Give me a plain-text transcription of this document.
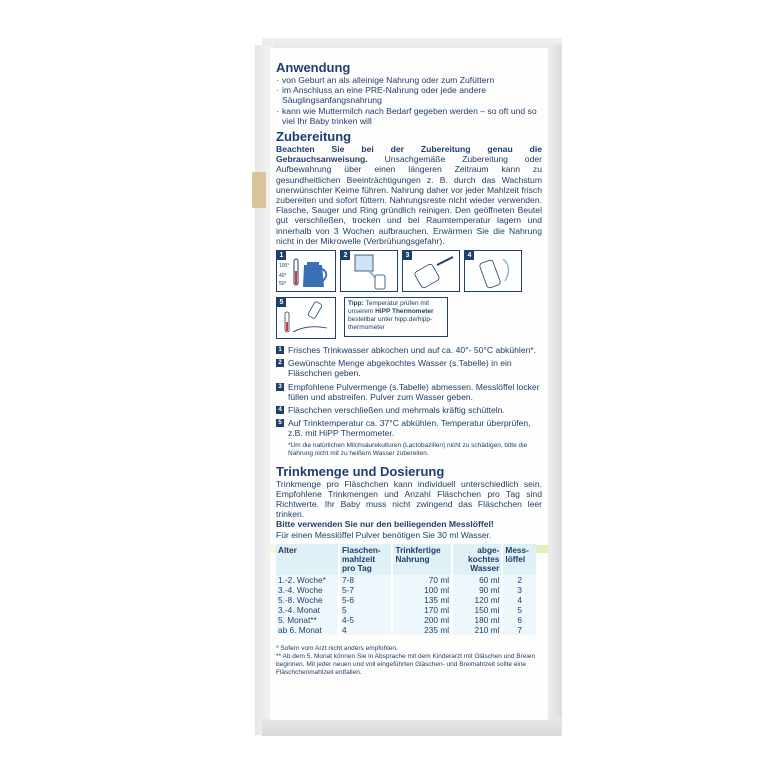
Anwendung

· von Geburt an als alleinige Nahrung oder zum Zufüttern

· im Anschluss an eine PRE-Nahrung oder jede andere Säuglingsanfangsnahrung

· kann wie Muttermilch nach Bedarf gegeben werden – so oft und so viel Ihr Baby trinken will

Zubereitung

Beachten Sie bei der Zubereitung genau die Gebrauchsanweisung. Unsachgemäße Zubereitung oder Aufbewahrung über einen längeren Zeitraum kann zu gesundheitlichen Beeinträchtigungen z. B. durch das Wachstum unerwünschter Keime führen. Nahrung daher vor jeder Mahlzeit frisch zubereiten und sofort füttern. Nahrungsreste nicht wieder verwenden. Flasche, Sauger und Ring gründlich reinigen. Den geöffneten Beutel gut verschließen, trocken und bei Raumtemperatur lagern und innerhalb von 3 Wochen aufbrauchen. Erwärmen Sie die Nahrung nicht in der Mikrowelle (Verbrühungsgefahr).

1
100°
40°
50°
2	3	4
5	Tipp: Temperatur prüfen mit unserem HiPP Thermometer bestellbar unter hipp.de/hipp-thermometer
1 Frisches Trinkwasser abkochen und auf ca. 40°- 50°C abkühlen*.
2 Gewünschte Menge abgekochtes Wasser (s.Tabelle) in ein Fläschchen geben.
3 Empfohlene Pulvermenge (s.Tabelle) abmessen. Messlöffel locker füllen und abstreifen. Pulver zum Wasser geben.
4 Fläschchen verschließen und mehrmals kräftig schütteln.
5 Auf Trinktemperatur ca. 37°C abkühlen. Temperatur überprüfen, z.B. mit HiPP Thermometer.

*Um die natürlichen Milchsäurekulturen (Lactobazillen) nicht zu schädigen, bitte die Nahrung nicht mit zu heißem Wasser zubereiten.

Trinkmenge und Dosierung

Trinkmenge pro Fläschchen kann individuell unterschiedlich sein. Empfohlene Trinkmengen und Anzahl Fläschchen pro Tag sind Richtwerte. Ihr Baby muss nicht zwingend das Fläschchen leer trinken.

Bitte verwenden Sie nur den beiliegenden Messlöffel!

Für einen Messlöffel Pulver benötigen Sie 30 ml Wasser.

Alter	Flaschen-mahlzeit pro Tag	Trinkfertige Nahrung	abge-kochtes Wasser	Mess-löffel
1.-2. Woche*	7-8	70 ml	60 ml	2
3.-4. Woche	5-7	100 ml	90 ml	3
5.-8. Woche	5-6	135 ml	120 ml	4
3.-4. Monat	5	170 ml	150 ml	5
5. Monat**	4-5	200 ml	180 ml	6
ab 6. Monat	4	235 ml	210 ml	7

* Sofern vom Arzt nicht anders empfohlen.

** Ab dem 5. Monat können Sie in Absprache mit dem Kinderarzt mit Gläschen und Breien beginnen. Mit jeder neuen und voll eingeführten Gläschen- und Breimahlzeit sollte eine Fläschchenmahlzeit entfallen.
